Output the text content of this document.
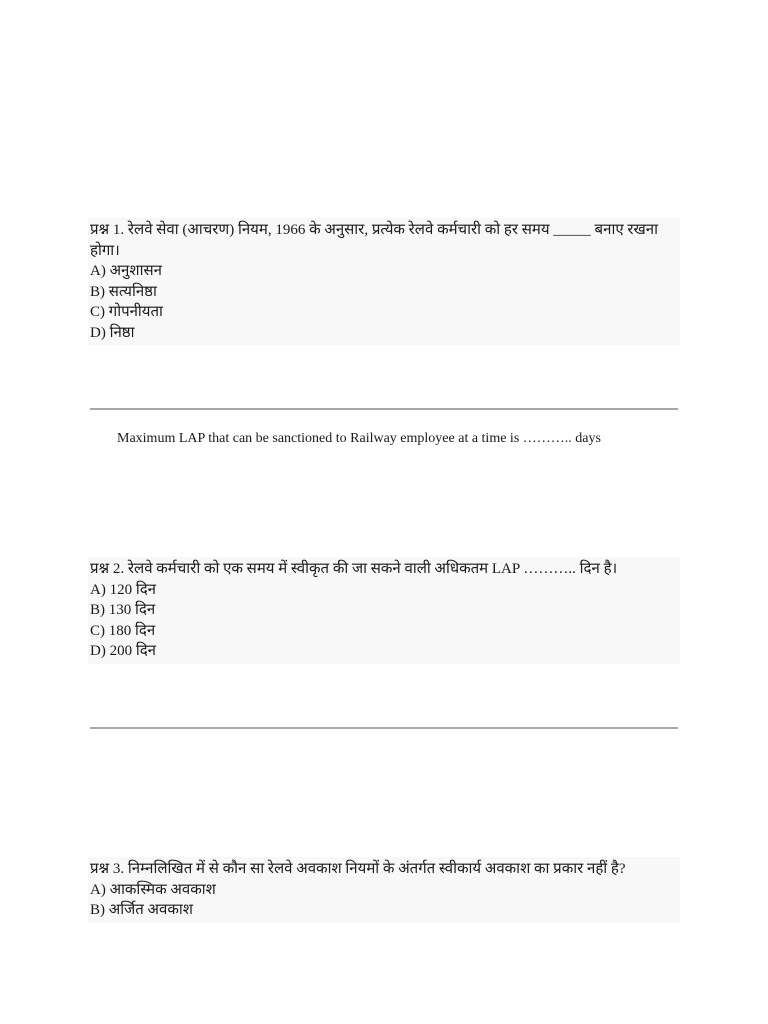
प्रश्न 1. रेलवे सेवा (आचरण) नियम, 1966 के अनुसार, प्रत्येक रेलवे कर्मचारी को हर समय _____ बनाए रखना होगा।
A) अनुशासन
B) सत्यनिष्ठा
C) गोपनीयता
D) निष्ठा
Maximum LAP that can be sanctioned to Railway employee at a time is ……….. days
प्रश्न 2. रेलवे कर्मचारी को एक समय में स्वीकृत की जा सकने वाली अधिकतम LAP ……….. दिन है।
A) 120 दिन
B) 130 दिन
C) 180 दिन
D) 200 दिन
प्रश्न 3. निम्नलिखित में से कौन सा रेलवे अवकाश नियमों के अंतर्गत स्वीकार्य अवकाश का प्रकार नहीं है?
A) आकस्मिक अवकाश
B) अर्जित अवकाश
